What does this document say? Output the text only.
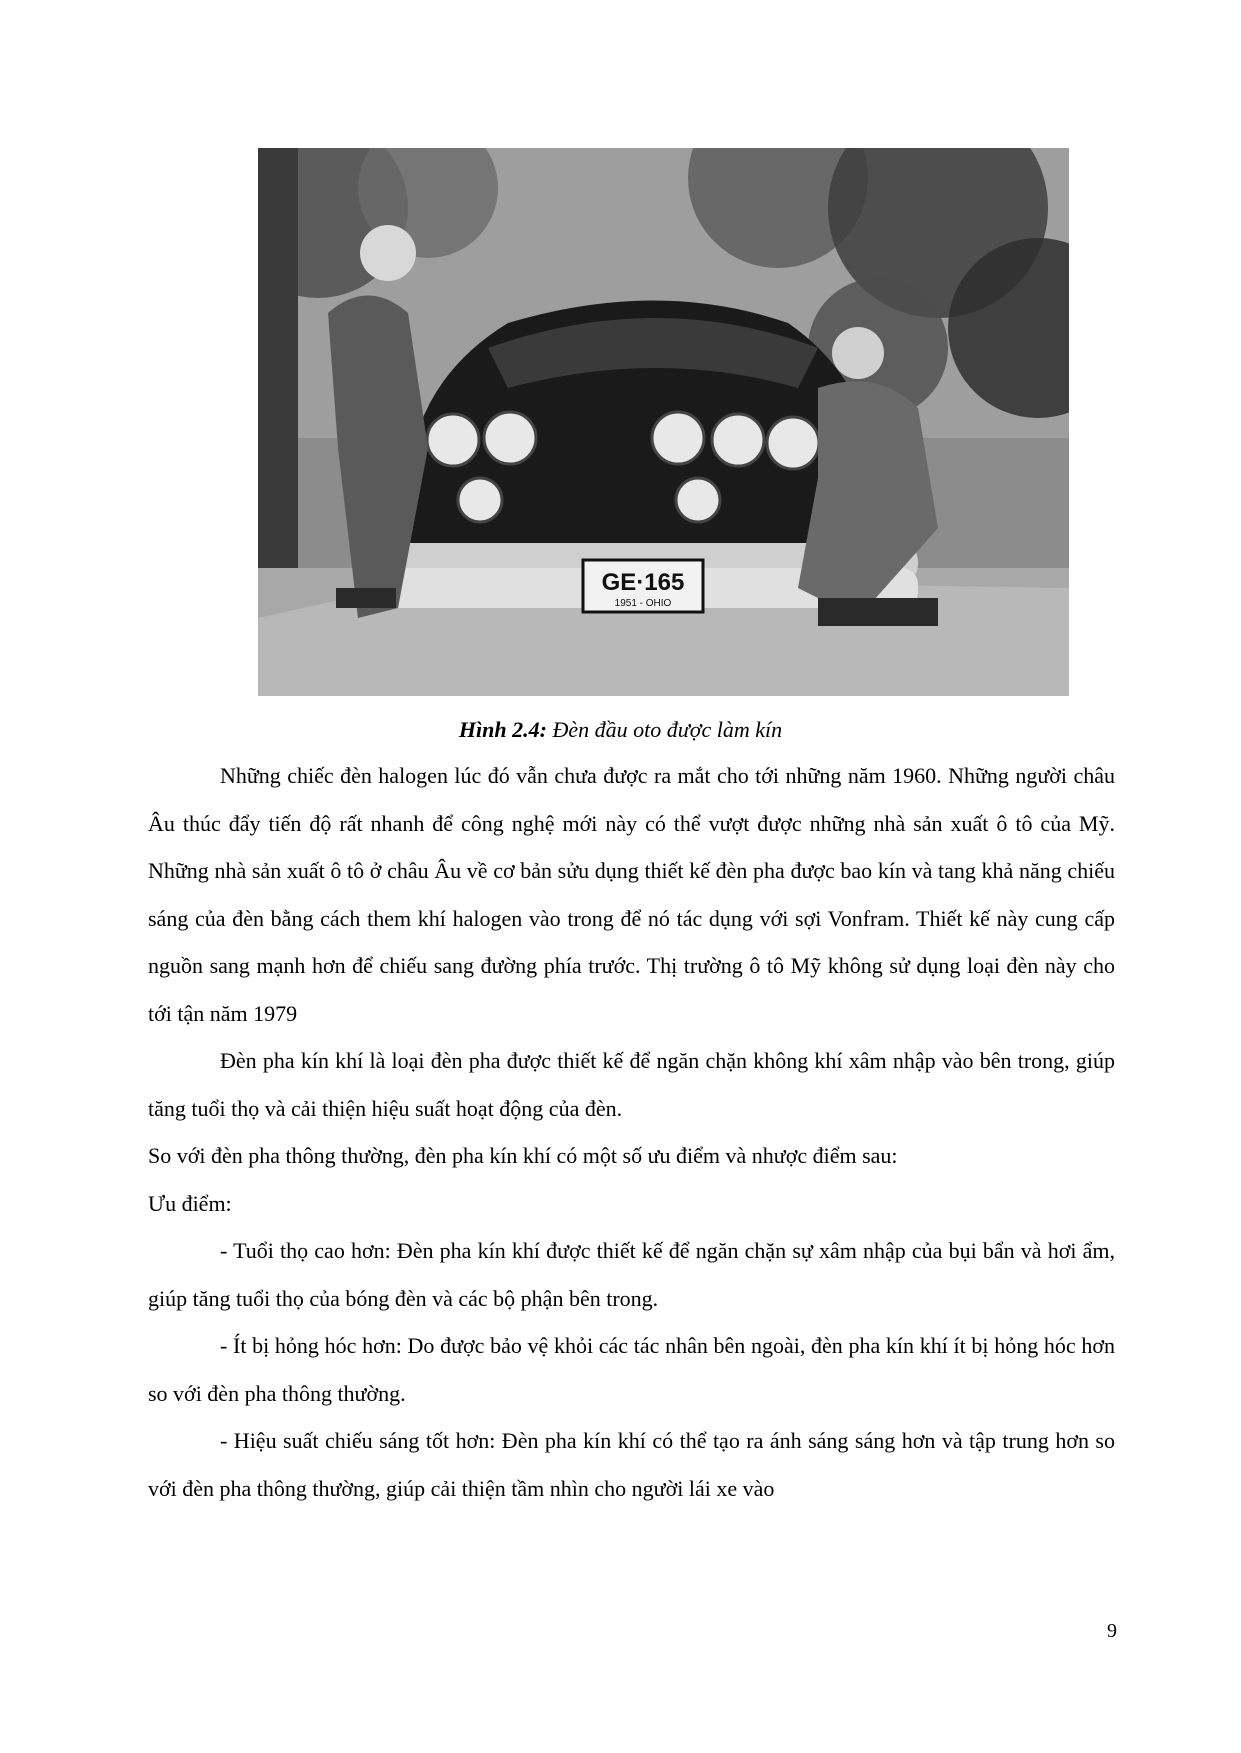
GE·165
1951 - OHIO
Hình 2.4: Đèn đầu oto được làm kín

Những chiếc đèn halogen lúc đó vẫn chưa được ra mắt cho tới những năm 1960. Những người châu Âu thúc đẩy tiến độ rất nhanh để công nghệ mới này có thể vượt được những nhà sản xuất ô tô của Mỹ. Những nhà sản xuất ô tô ở châu Âu về cơ bản sửu dụng thiết kế đèn pha được bao kín và tang khả năng chiếu sáng của đèn bằng cách them khí halogen vào trong để nó tác dụng với sợi Vonfram. Thiết kế này cung cấp nguồn sang mạnh hơn để chiếu sang đường phía trước. Thị trường ô tô Mỹ không sử dụng loại đèn này cho tới tận năm 1979

Đèn pha kín khí là loại đèn pha được thiết kế để ngăn chặn không khí xâm nhập vào bên trong, giúp tăng tuổi thọ và cải thiện hiệu suất hoạt động của đèn.

So với đèn pha thông thường, đèn pha kín khí có một số ưu điểm và nhược điểm sau:

Ưu điểm:

- Tuổi thọ cao hơn: Đèn pha kín khí được thiết kế để ngăn chặn sự xâm nhập của bụi bẩn và hơi ẩm, giúp tăng tuổi thọ của bóng đèn và các bộ phận bên trong.

- Ít bị hỏng hóc hơn: Do được bảo vệ khỏi các tác nhân bên ngoài, đèn pha kín khí ít bị hỏng hóc hơn so với đèn pha thông thường.

- Hiệu suất chiếu sáng tốt hơn: Đèn pha kín khí có thể tạo ra ánh sáng sáng hơn và tập trung hơn so với đèn pha thông thường, giúp cải thiện tầm nhìn cho người lái xe vào

9
